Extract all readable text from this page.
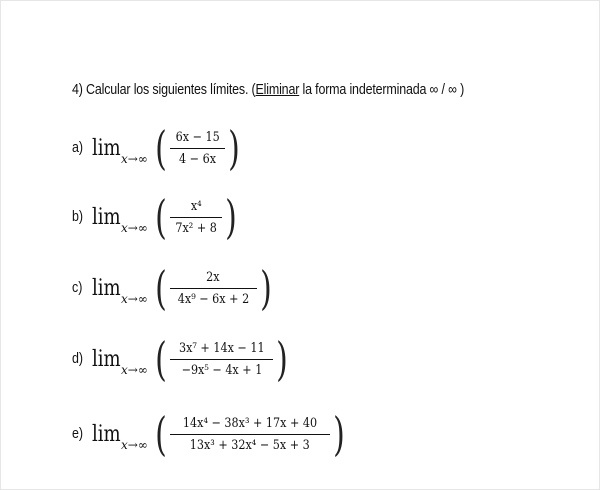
4) Calcular los siguientes límites. (Eliminar la forma indeterminada ∞ / ∞ )
a) lim x→∞ ( $\frac{6x - 15}{4 - 6x}$ )
b) lim x→∞ ( $\frac{\text{x⁴}}{\text{7x² + 8}}$ )
c) lim x→∞ ( $\frac{2x}{\text{4x⁹ − 6x + 2}}$ )
d) lim x→∞ ( $\frac{\text{3x⁷ + 14x − 11}}{\text{−9x⁵ − 4x + 1}}$ )
e) lim x→∞ ( $\frac{\text{14x⁴ − 38x³ + 17x + 40}}{\text{13x³ + 32x⁴ − 5x + 3}}$ )
